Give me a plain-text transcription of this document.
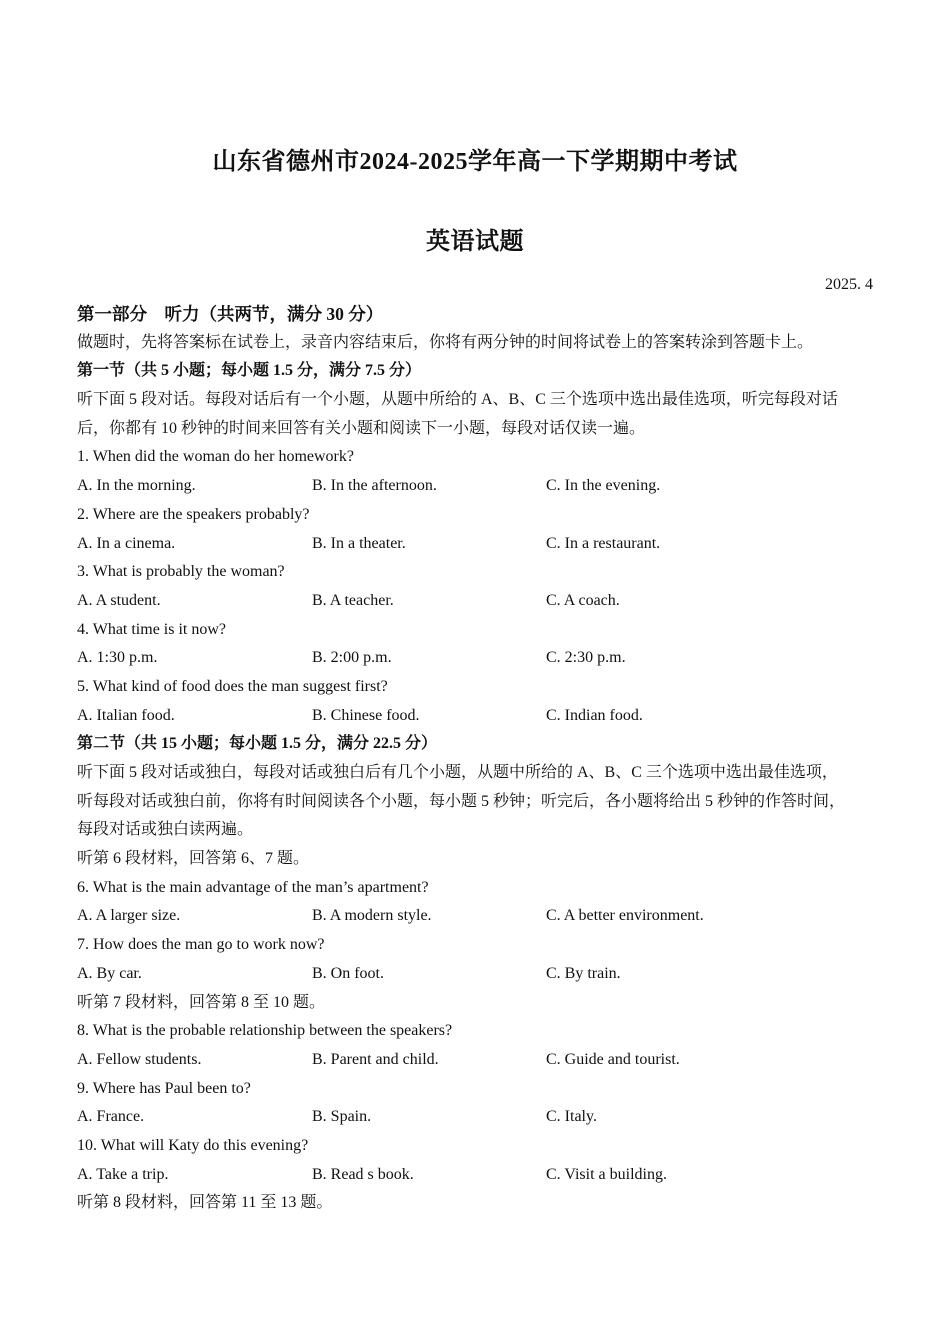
山东省德州市2024-2025学年高一下学期期中考试
英语试题
2025. 4
第一部分　听力（共两节，满分 30 分）
做题时，先将答案标在试卷上，录音内容结束后，你将有两分钟的时间将试卷上的答案转涂到答题卡上。
第一节（共 5 小题；每小题 1.5 分，满分 7.5 分）
听下面 5 段对话。每段对话后有一个小题，从题中所给的 A、B、C 三个选项中选出最佳选项，听完每段对话
后，你都有 10 秒钟的时间来回答有关小题和阅读下一小题，每段对话仅读一遍。
1. When did the woman do her homework?
A. In the morning.	B. In the afternoon.	C. In the evening.
2. Where are the speakers probably?
A. In a cinema.	B. In a theater.	C. In a restaurant.
3. What is probably the woman?
A. A student.	B. A teacher.	C. A coach.
4. What time is it now?
A. 1:30 p.m.	B. 2:00 p.m.	C. 2:30 p.m.
5. What kind of food does the man suggest first?
A. Italian food.	B. Chinese food.	C. Indian food.
第二节（共 15 小题；每小题 1.5 分，满分 22.5 分）
听下面 5 段对话或独白，每段对话或独白后有几个小题，从题中所给的 A、B、C 三个选项中选出最佳选项，
听每段对话或独白前，你将有时间阅读各个小题，每小题 5 秒钟；听完后，各小题将给出 5 秒钟的作答时间，
每段对话或独白读两遍。
听第 6 段材料，回答第 6、7 题。
6. What is the main advantage of the man’s apartment?
A. A larger size.	B. A modern style.	C. A better environment.
7. How does the man go to work now?
A. By car.	B. On foot.	C. By train.
听第 7 段材料，回答第 8 至 10 题。
8. What is the probable relationship between the speakers?
A. Fellow students.	B. Parent and child.	C. Guide and tourist.
9. Where has Paul been to?
A. France.	B. Spain.	C. Italy.
10. What will Katy do this evening?
A. Take a trip.	B. Read s book.	C. Visit a building.
听第 8 段材料，回答第 11 至 13 题。
